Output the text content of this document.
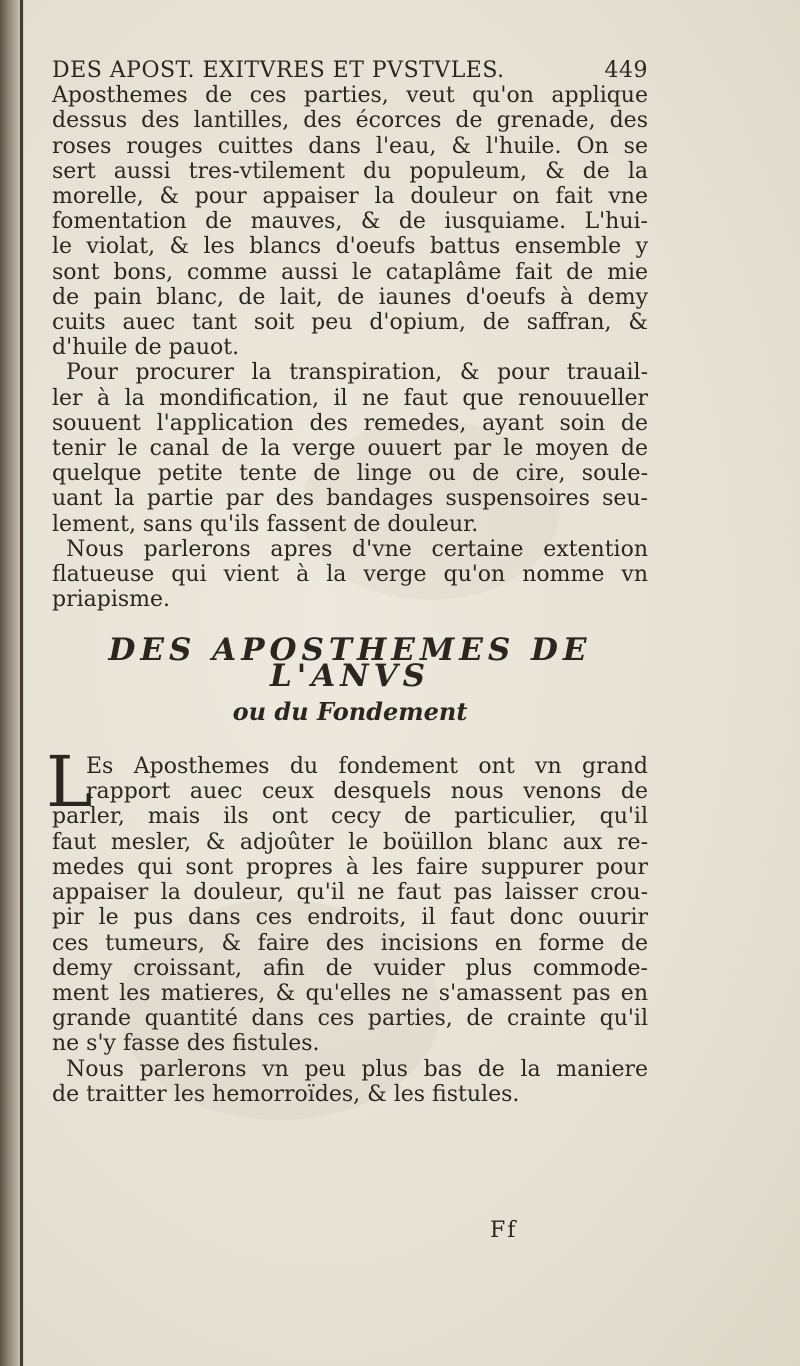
DES APOST. EXITVRES ET PVSTVLES.	449
Aposthemes de ces parties, veut qu'on applique
dessus des lantilles, des écorces de grenade, des
roses rouges cuittes dans l'eau, & l'huile. On se
sert aussi tres-vtilement du populeum, & de la
morelle, & pour appaiser la douleur on fait vne
fomentation de mauves, & de iusquiame. L'hui-
le violat, & les blancs d'oeufs battus ensemble y
sont bons, comme aussi le cataplâme fait de mie
de pain blanc, de lait, de iaunes d'oeufs à demy
cuits auec tant soit peu d'opium, de saffran, &
d'huile de pauot.
Pour procurer la transpiration, & pour trauail-
ler à la mondification, il ne faut que renouueller
souuent l'application des remedes, ayant soin de
tenir le canal de la verge ouuert par le moyen de
quelque petite tente de linge ou de cire, soule-
uant la partie par des bandages suspensoires seu-
lement, sans qu'ils fassent de douleur.
Nous parlerons apres d'vne certaine extention
flatueuse qui vient à la verge qu'on nomme vn
priapisme.
DES APOSTHEMES DE L'ANVS
ou du Fondement
L
Es Aposthemes du fondement ont vn grand
rapport auec ceux desquels nous venons de
parler, mais ils ont cecy de particulier, qu'il
faut mesler, & adjoûter le boüillon blanc aux re-
medes qui sont propres à les faire suppurer pour
appaiser la douleur, qu'il ne faut pas laisser crou-
pir le pus dans ces endroits, il faut donc ouurir
ces tumeurs, & faire des incisions en forme de
demy croissant, afin de vuider plus commode-
ment les matieres, & qu'elles ne s'amassent pas en
grande quantité dans ces parties, de crainte qu'il
ne s'y fasse des fistules.
Nous parlerons vn peu plus bas de la maniere
de traitter les hemorroïdes, & les fistules.
Ff
